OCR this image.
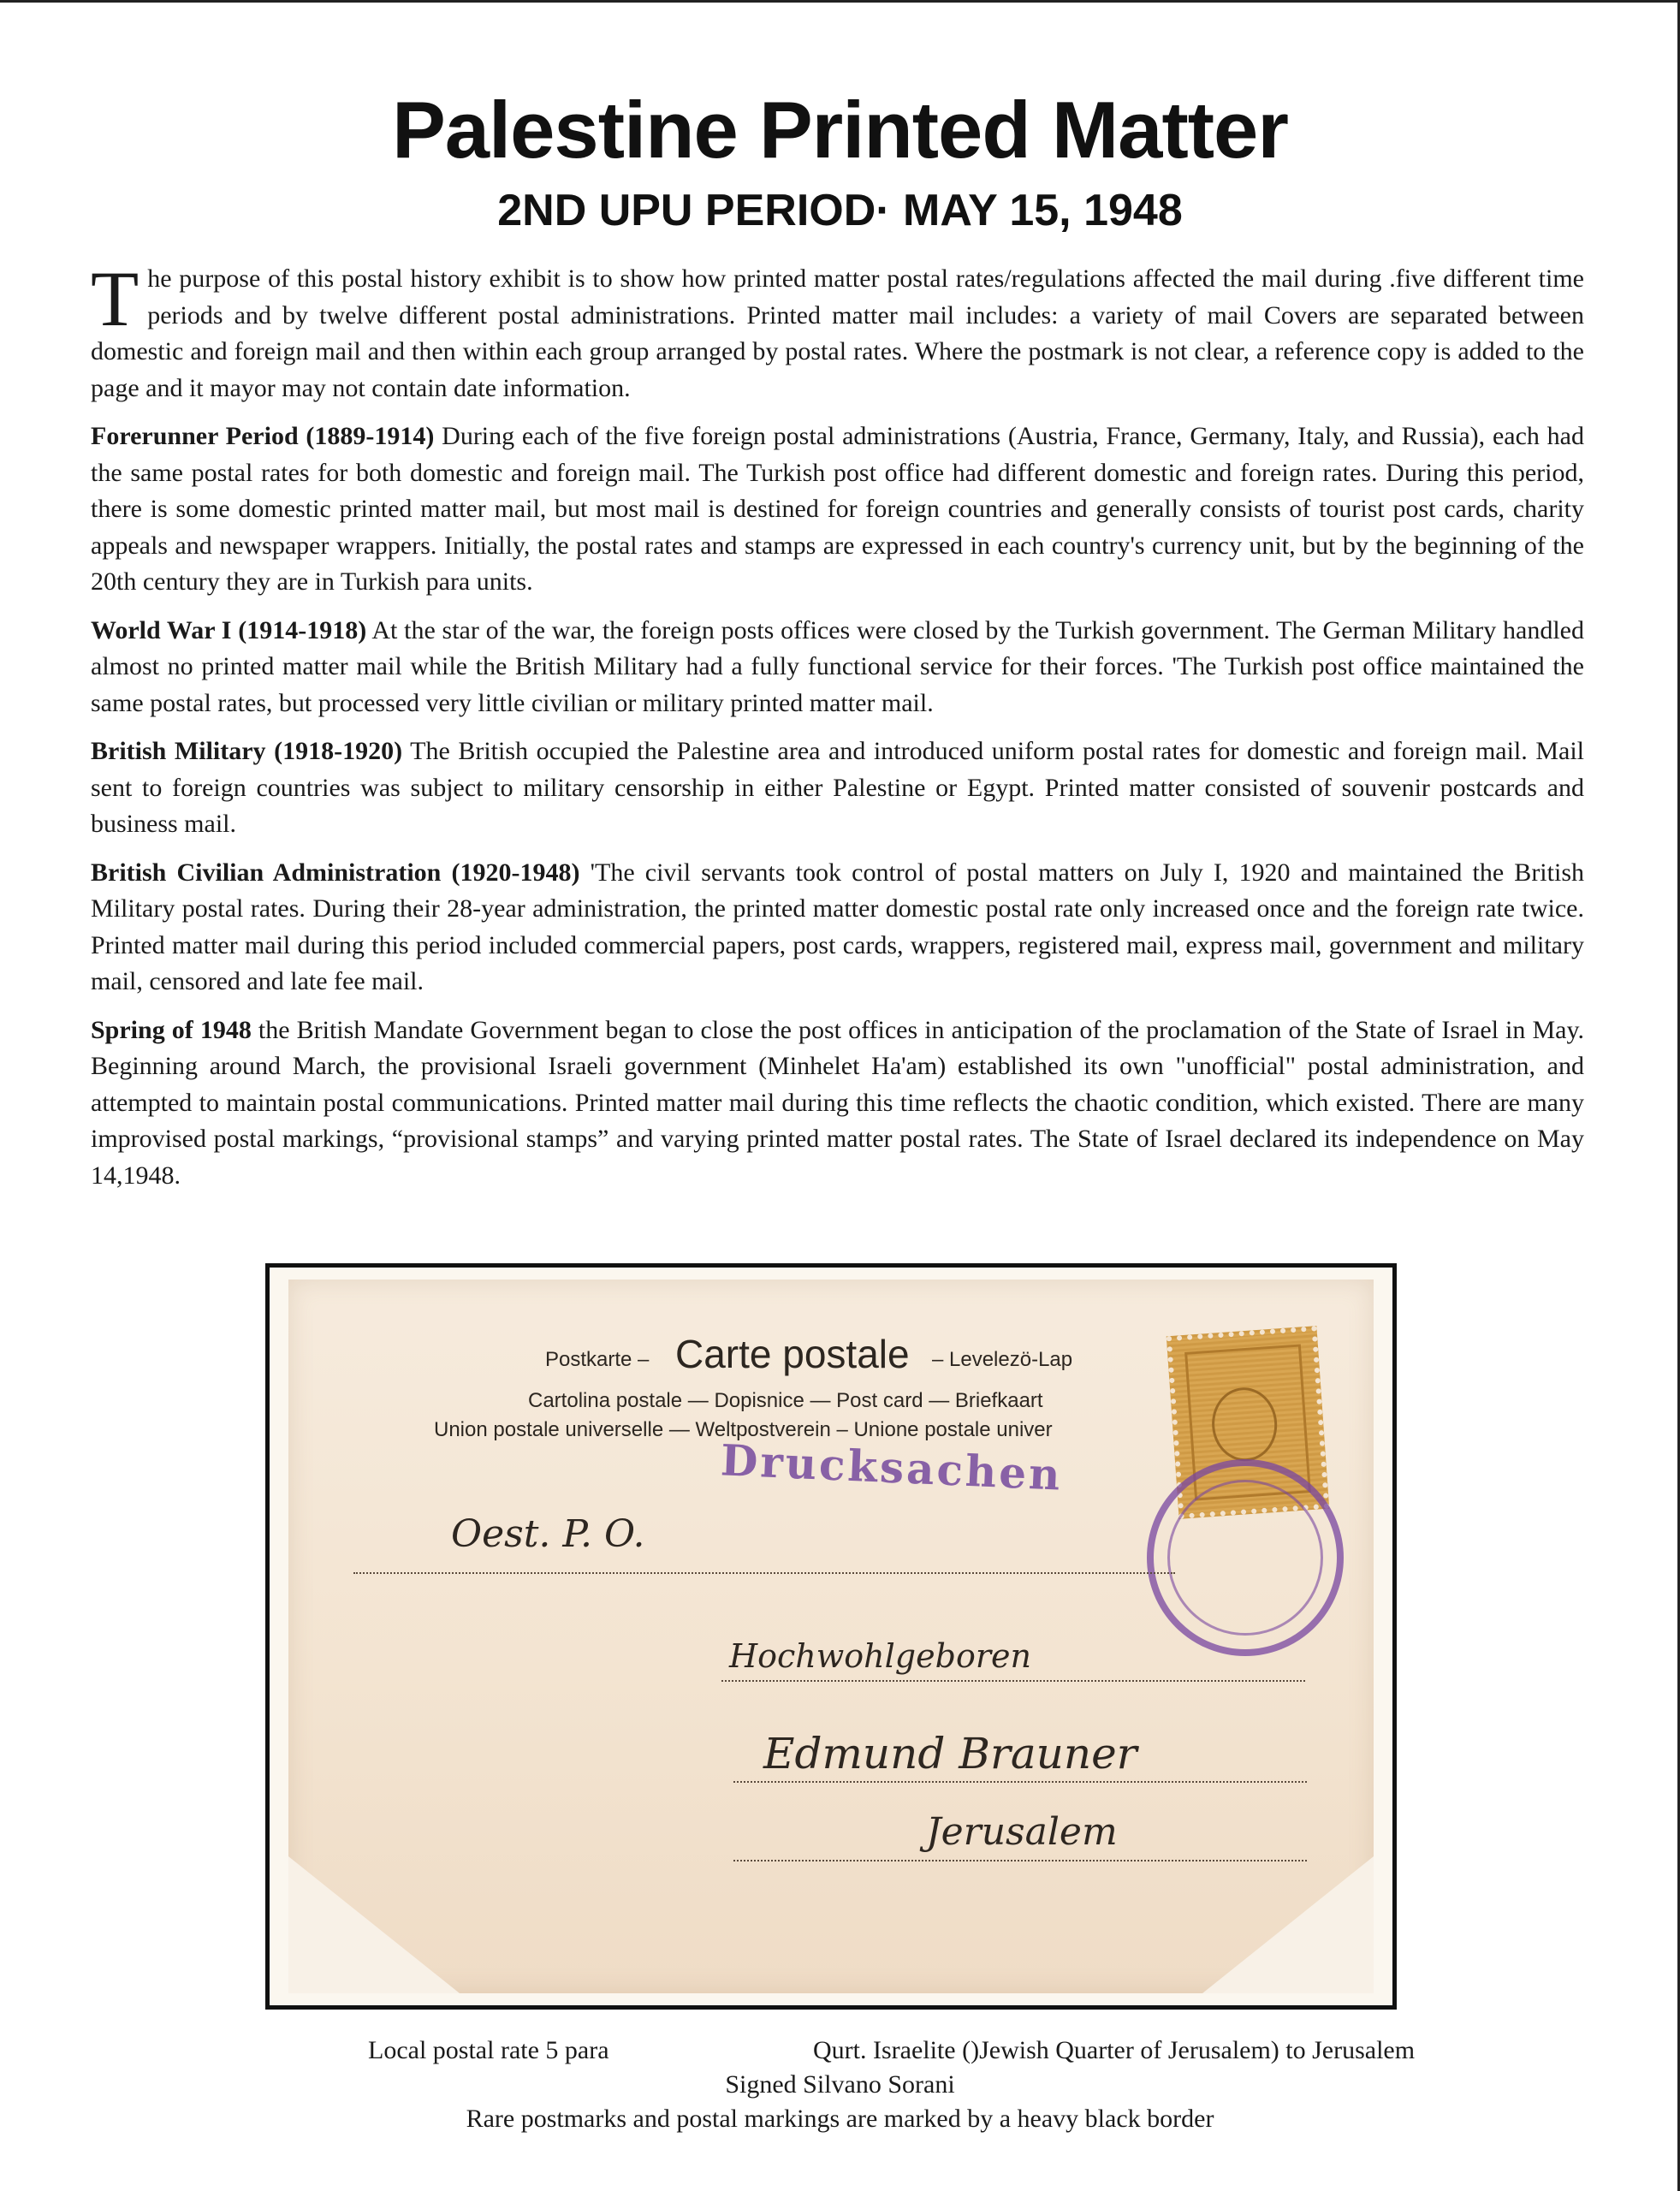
Palestine Printed Matter
2ND UPU PERIOD· MAY 15, 1948

The purpose of this postal history exhibit is to show how printed matter postal rates/regulations affected the mail during .five different time periods and by twelve different postal administrations. Printed matter mail includes: a variety of mail Covers are separated between domestic and foreign mail and then within each group arranged by postal rates. Where the postmark is not clear, a reference copy is added to the page and it mayor may not contain date information.

Forerunner Period (1889-1914) During each of the five foreign postal administrations (Austria, France, Germany, Italy, and Russia), each had the same postal rates for both domestic and foreign mail. The Turkish post office had different domestic and foreign rates. During this period, there is some domestic printed matter mail, but most mail is destined for foreign countries and generally consists of tourist post cards, charity appeals and newspaper wrappers. Initially, the postal rates and stamps are expressed in each country's currency unit, but by the beginning of the 20th century they are in Turkish para units.

World War I (1914-1918) At the star of the war, the foreign posts offices were closed by the Turkish government. The German Military handled almost no printed matter mail while the British Military had a fully functional service for their forces. 'The Turkish post office maintained the same postal rates, but processed very little civilian or military printed matter mail.

British Military (1918-1920) The British occupied the Palestine area and introduced uniform postal rates for domestic and foreign mail. Mail sent to foreign countries was subject to military censorship in either Palestine or Egypt. Printed matter consisted of souvenir postcards and business mail.

British Civilian Administration (1920-1948) 'The civil servants took control of postal matters on July I, 1920 and maintained the British Military postal rates. During their 28-year administration, the printed matter domestic postal rate only increased once and the foreign rate twice. Printed matter mail during this period included commercial papers, post cards, wrappers, registered mail, express mail, government and military mail, censored and late fee mail.

Spring of 1948 the British Mandate Government began to close the post offices in anticipation of the proclamation of the State of Israel in May. Beginning around March, the provisional Israeli government (Minhelet Ha'am) established its own "unofficial" postal administration, and attempted to maintain postal communications. Printed matter mail during this time reflects the chaotic condition, which existed. There are many improvised postal markings, “provisional stamps” and varying printed matter postal rates. The State of Israel declared its independence on May 14,1948.

Postkarte – Carte postale – Levelezö-Lap
Cartolina postale — Dopisnice — Post card — Briefkaart
Union postale universelle — Weltpostverein – Unione postale univer
Drucksachen
Oest. P. O.
Hochwohlgeboren
Edmund Brauner
Jerusalem
Local postal rate 5 para	Qurt. Israelite ()Jewish Quarter of Jerusalem) to Jerusalem
Signed Silvano Sorani
Rare postmarks and postal markings are marked by a heavy black border
